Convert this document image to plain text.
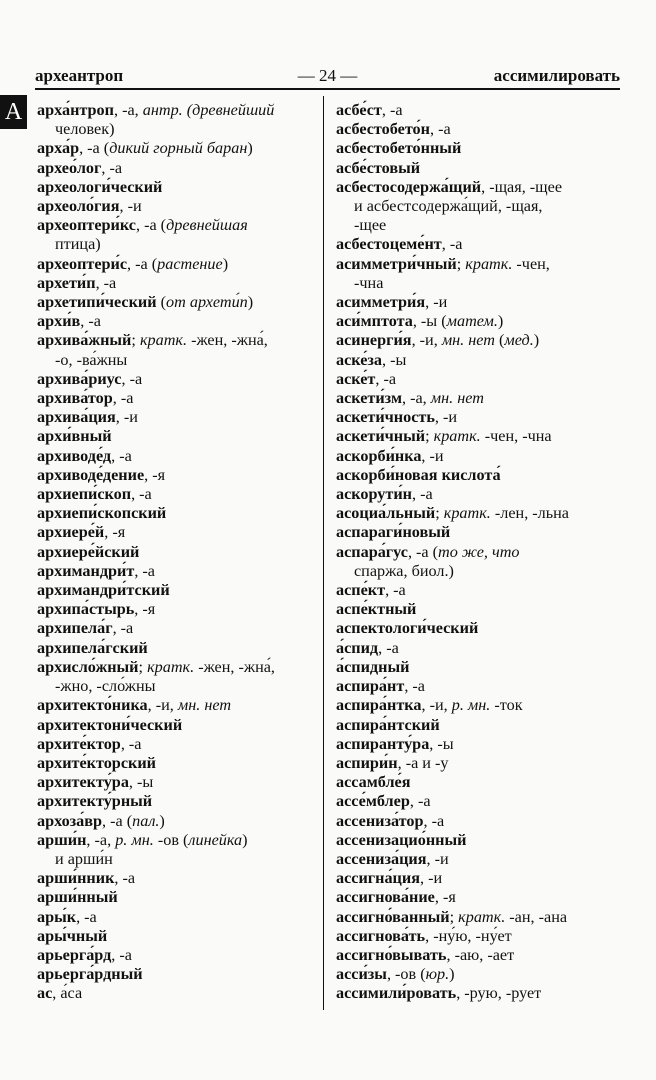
археантроп	— 24 —	ассимилировать
А арха́нтроп, -а, антр. (древнейший
человек)
арха́р, -а (дикий горный баран)
архео́лог, -а
археологи́ческий
археоло́гия, -и
археоптери́кс, -а (древнейшая
птица)
археоптери́с, -а (растение)
архети́п, -а
архетипи́ческий (от архети́п)
архи́в, -а
архива́жный; кратк. -жен, -жна́,
-о, -ва́жны
архива́риус, -а
архива́тор, -а
архива́ция, -и
архи́вный
архиводе́д, -а
архиводе́дение, -я
архиепи́скоп, -а
архиепи́скопский
архиере́й, -я
архиере́йский
архимандри́т, -а
архимандри́тский
архипа́стырь, -я
архипела́г, -а
архипела́гский
архисло́жный; кратк. -жен, -жна́,
-жно, -сло́жны
архитекто́ника, -и, мн. нет
архитектони́ческий
архите́ктор, -а
архите́кторский
архитекту́ра, -ы
архитекту́рный
архоза́вр, -а (пал.)
арши́н, -а, р. мн. -ов (линейка)
и арши́н
арши́нник, -а
арши́нный
ары́к, -а
ары́чный
арьерга́рд, -а
арьерга́рдный
ас, а́са
асбе́ст, -а
асбестобето́н, -а
асбестобето́нный
асбе́стовый
асбестосодержа́щий, -щая, -щее
и асбестсодержа́щий, -щая,
-щее
асбестоцеме́нт, -а
асимметри́чный; кратк. -чен,
-чна
асимметри́я, -и
аси́мптота, -ы (матем.)
асинерги́я, -и, мн. нет (мед.)
аске́за, -ы
аске́т, -а
аскети́зм, -а, мн. нет
аскети́чность, -и
аскети́чный; кратк. -чен, -чна
аскорби́нка, -и
аскорби́новая кислота́
аскорути́н, -а
асоциа́льный; кратк. -лен, -льна
аспараги́новый
аспара́гус, -а (то же, что
спаржа, биол.)
аспе́кт, -а
аспе́ктный
аспектологи́ческий
а́спид, -а
а́спидный
аспира́нт, -а
аспира́нтка, -и, р. мн. -ток
аспира́нтский
аспиранту́ра, -ы
аспири́н, -а и -у
ассамбле́я
ассе́мблер, -а
ассениза́тор, -а
ассенизацио́нный
ассениза́ция, -и
ассигна́ция, -и
ассигнова́ние, -я
ассигно́ванный; кратк. -ан, -ана
ассигнова́ть, -ну́ю, -ну́ет
ассигно́вывать, -аю, -ает
асси́зы, -ов (юр.)
ассимили́ровать, -рую, -рует
